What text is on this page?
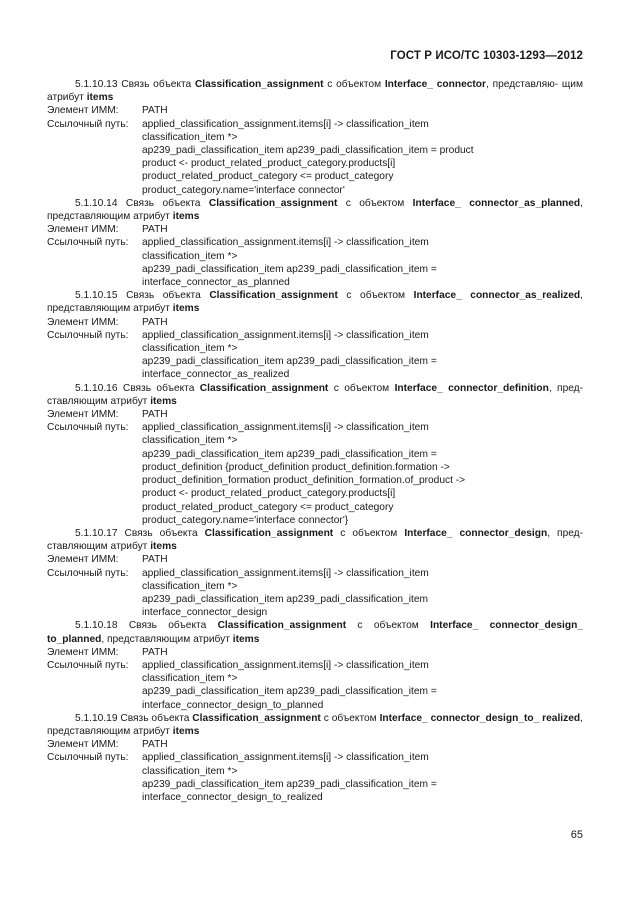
ГОСТ Р ИСО/ТС 10303-1293—2012
5.1.10.13 Связь объекта Classification_assignment с объектом Interface_ connector, представляю- щим атрибут items
Элемент ИММ:	PATH
Ссылочный путь:	applied_classification_assignment.items[i] -> classification_item
classification_item *>
ap239_padi_classification_item ap239_padi_classification_item = product
product <- product_related_product_category.products[i]
product_related_product_category <= product_category
product_category.name='interface connector'
5.1.10.14 Связь объекта Classification_assignment с объектом Interface_ connector_as_planned, представляющим атрибут items
Элемент ИММ:	PATH
Ссылочный путь:	applied_classification_assignment.items[i] -> classification_item
classification_item *>
ap239_padi_classification_item ap239_padi_classification_item =
interface_connector_as_planned
5.1.10.15 Связь объекта Classification_assignment с объектом Interface_ connector_as_realized, представляющим атрибут items
Элемент ИММ:	PATH
Ссылочный путь:	applied_classification_assignment.items[i] -> classification_item
classification_item *>
ap239_padi_classification_item ap239_padi_classification_item =
interface_connector_as_realized
5.1.10.16 Связь объекта Classification_assignment с объектом Interface_ connector_definition, пред- ставляющим атрибут items
Элемент ИММ:	PATH
Ссылочный путь:	applied_classification_assignment.items[i] -> classification_item
classification_item *>
ap239_padi_classification_item ap239_padi_classification_item =
product_definition {product_definition product_definition.formation ->
product_definition_formation product_definition_formation.of_product ->
product <- product_related_product_category.products[i]
product_related_product_category <= product_category
product_category.name='interface connector'}
5.1.10.17 Связь объекта Classification_assignment с объектом Interface_ connector_design, пред- ставляющим атрибут items
Элемент ИММ:	PATH
Ссылочный путь:	applied_classification_assignment.items[i] -> classification_item
classification_item *>
ap239_padi_classification_item ap239_padi_classification_item
interface_connector_design
5.1.10.18 Связь объекта Classification_assignment с объектом Interface_ connector_design_ to_planned, представляющим атрибут items
Элемент ИММ:	PATH
Ссылочный путь:	applied_classification_assignment.items[i] -> classification_item
classification_item *>
ap239_padi_classification_item ap239_padi_classification_item =
interface_connector_design_to_planned
5.1.10.19 Связь объекта Classification_assignment с объектом Interface_ connector_design_to_ realized, представляющим атрибут items
Элемент ИММ:	PATH
Ссылочный путь:	applied_classification_assignment.items[i] -> classification_item
classification_item *>
ap239_padi_classification_item ap239_padi_classification_item =
interface_connector_design_to_realized
65
